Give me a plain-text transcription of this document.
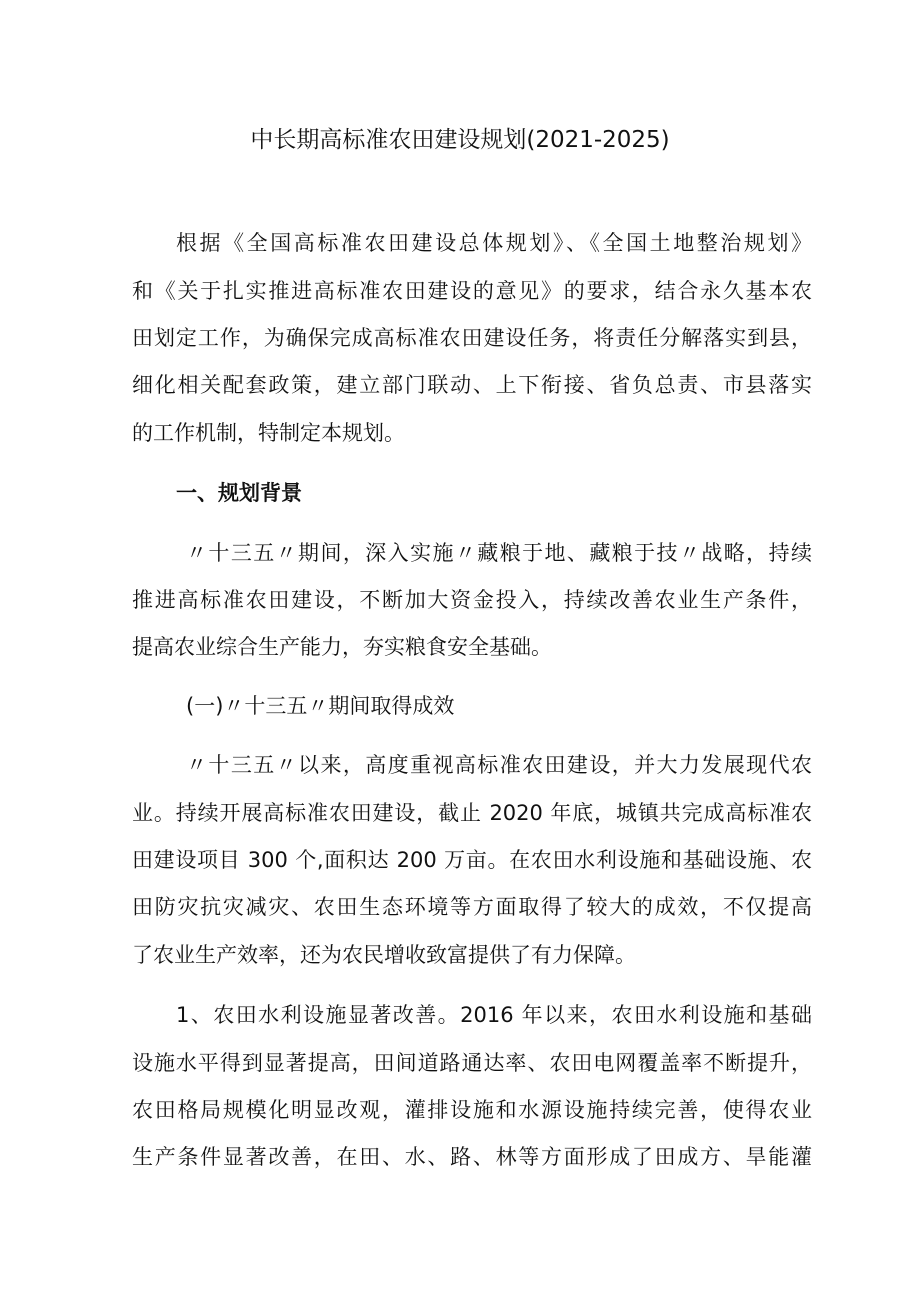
中长期高标准农田建设规划(2021-2025)
根据《全国高标准农田建设总体规划》、《全国土地整治规划》
和《关于扎实推进高标准农田建设的意见》的要求，结合永久基本农
田划定工作，为确保完成高标准农田建设任务，将责任分解落实到县，
细化相关配套政策，建立部门联动、上下衔接、省负总责、市县落实
的工作机制，特制定本规划。
一、规划背景
〃十三五〃期间，深入实施〃藏粮于地、藏粮于技〃战略，持续
推进高标准农田建设，不断加大资金投入，持续改善农业生产条件，
提高农业综合生产能力，夯实粮食安全基础。
(一)〃十三五〃期间取得成效
〃十三五〃以来，高度重视高标准农田建设，并大力发展现代农
业。持续开展高标准农田建设，截止 2020 年底，城镇共完成高标准农
田建设项目 300 个,面积达 200 万亩。在农田水利设施和基础设施、农
田防灾抗灾减灾、农田生态环境等方面取得了较大的成效，不仅提高
了农业生产效率，还为农民增收致富提供了有力保障。
1、农田水利设施显著改善。2016 年以来，农田水利设施和基础
设施水平得到显著提高，田间道路通达率、农田电网覆盖率不断提升，
农田格局规模化明显改观，灌排设施和水源设施持续完善，使得农业
生产条件显著改善，在田、水、路、林等方面形成了田成方、旱能灌
